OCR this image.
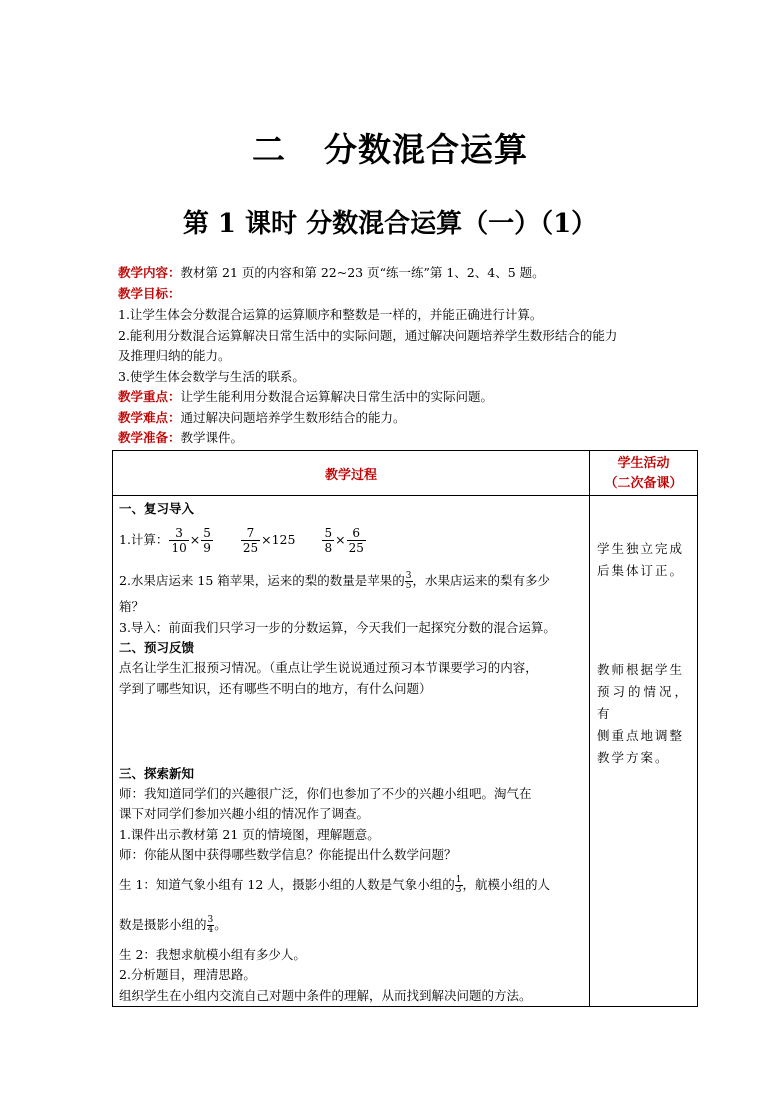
二 分数混合运算
第 1 课时 分数混合运算（一）（1）
教学内容：教材第 21 页的内容和第 22~23 页“练一练”第 1、2、4、5 题。
教学目标：
1.让学生体会分数混合运算的运算顺序和整数是一样的，并能正确进行计算。
2.能利用分数混合运算解决日常生活中的实际问题，通过解决问题培养学生数形结合的能力
及推理归纳的能力。
3.使学生体会数学与生活的联系。
教学重点：让学生能利用分数混合运算解决日常生活中的实际问题。
教学难点：通过解决问题培养学生数形结合的能力。
教学准备：教学课件。
教学过程
学生活动
（二次备课）
一、复习导入
1.计算： $\frac{3}{10} \times \frac{5}{9}$
$\frac{7}{25} \times 125 \frac{5}{8} \times \frac{6}{25}$
2.水果店运来 15 箱苹果，运来的梨的数量是苹果的 $\frac{3}{5}$ ，水果店运来的梨有多少
箱？
3.导入：前面我们只学习一步的分数运算，今天我们一起探究分数的混合运算。
二、预习反馈
点名让学生汇报预习情况。（重点让学生说说通过预习本节课要学习的内容，
学到了哪些知识，还有哪些不明白的地方，有什么问题）
三、探索新知
师：我知道同学们的兴趣很广泛，你们也参加了不少的兴趣小组吧。淘气在
课下对同学们参加兴趣小组的情况作了调查。
1.课件出示教材第 21 页的情境图，理解题意。
师：你能从图中获得哪些数学信息？你能提出什么数学问题？
生 1：知道气象小组有 12 人，摄影小组的人数是气象小组的 $\frac{1}{3}$ ，航模小组的人
数是摄影小组的 $\frac{3}{4}$ 。
生 2：我想求航模小组有多少人。
2.分析题目，理清思路。
组织学生在小组内交流自己对题中条件的理解，从而找到解决问题的方法。
学生独立完成
后集体订正。
教师根据学生
预习的情况，有
侧重点地调整
教学方案。
